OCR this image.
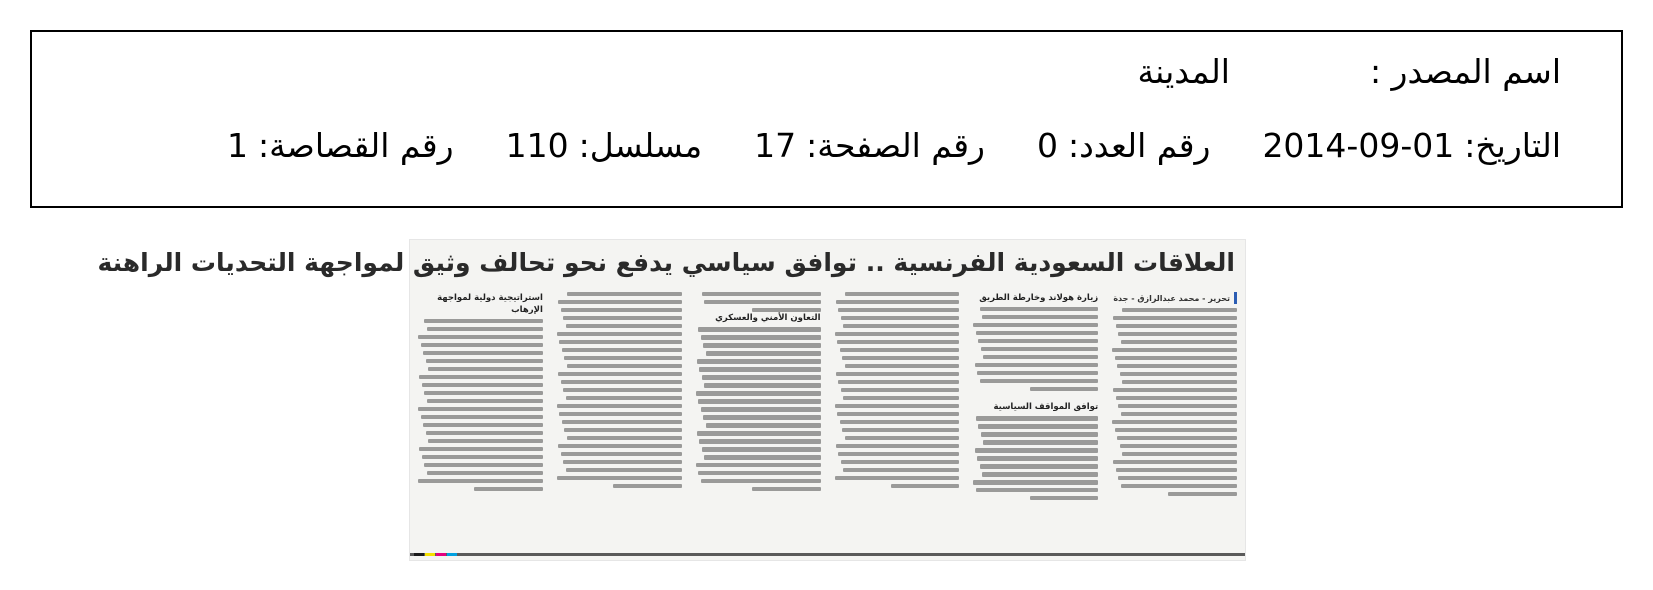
اسم المصدر :
المدينة
التاريخ:
2014-09-01
رقم العدد:
0
رقم الصفحة:
17
مسلسل:
110
رقم القصاصة:
1
العلاقات السعودية الفرنسية .. توافق سياسي يدفع نحو تحالف وثيق لمواجهة التحديات الراهنة
تحرير - محمد عبدالرازق - جدة
زيارة هولاند وخارطة الطريق
توافق المواقف السياسية
التعاون الأمني والعسكري
استراتيجية دولية لمواجهة الإرهاب
